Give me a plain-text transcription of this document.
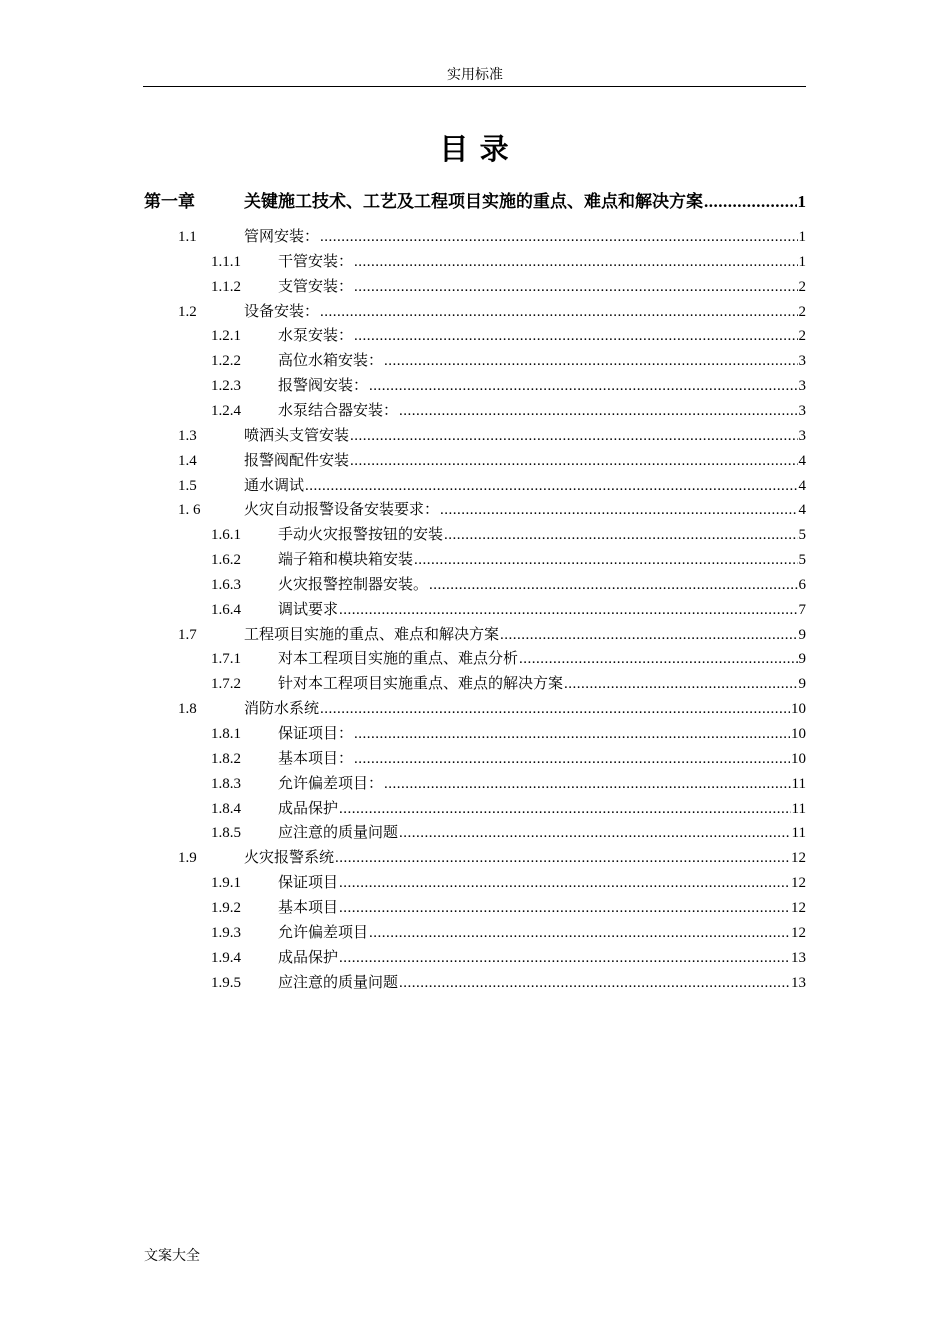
实用标准
目 录
第一章	关键施工技术、工艺及工程项目实施的重点、难点和解决方案 .....	1
1.1	管网安装： .....	1
1.1.1	干管安装： .....	1
1.1.2	支管安装： .....	2
1.2	设备安装： .....	2
1.2.1	水泵安装： .....	2
1.2.2	高位水箱安装： .....	3
1.2.3	报警阀安装： .....	3
1.2.4	水泵结合器安装： .....	3
1.3	喷洒头支管安装 .....	3
1.4	报警阀配件安装 .....	4
1.5	通水调试 .....	4
1. 6	火灾自动报警设备安装要求： .....	4
1.6.1	手动火灾报警按钮的安装 .....	5
1.6.2	端子箱和模块箱安装 .....	5
1.6.3	火灾报警控制器安装。 .....	6
1.6.4	调试要求 .....	7
1.7	工程项目实施的重点、难点和解决方案 .....	9
1.7.1	对本工程项目实施的重点、难点分析 .....	9
1.7.2	针对本工程项目实施重点、难点的解决方案 .....	9
1.8	消防水系统 .....	10
1.8.1	保证项目： .....	10
1.8.2	基本项目： .....	10
1.8.3	允许偏差项目： .....	11
1.8.4	成品保护 .....	11
1.8.5	应注意的质量问题 .....	11
1.9	火灾报警系统 .....	12
1.9.1	保证项目 .....	12
1.9.2	基本项目 .....	12
1.9.3	允许偏差项目 .....	12
1.9.4	成品保护 .....	13
1.9.5	应注意的质量问题 .....	13
文案大全
